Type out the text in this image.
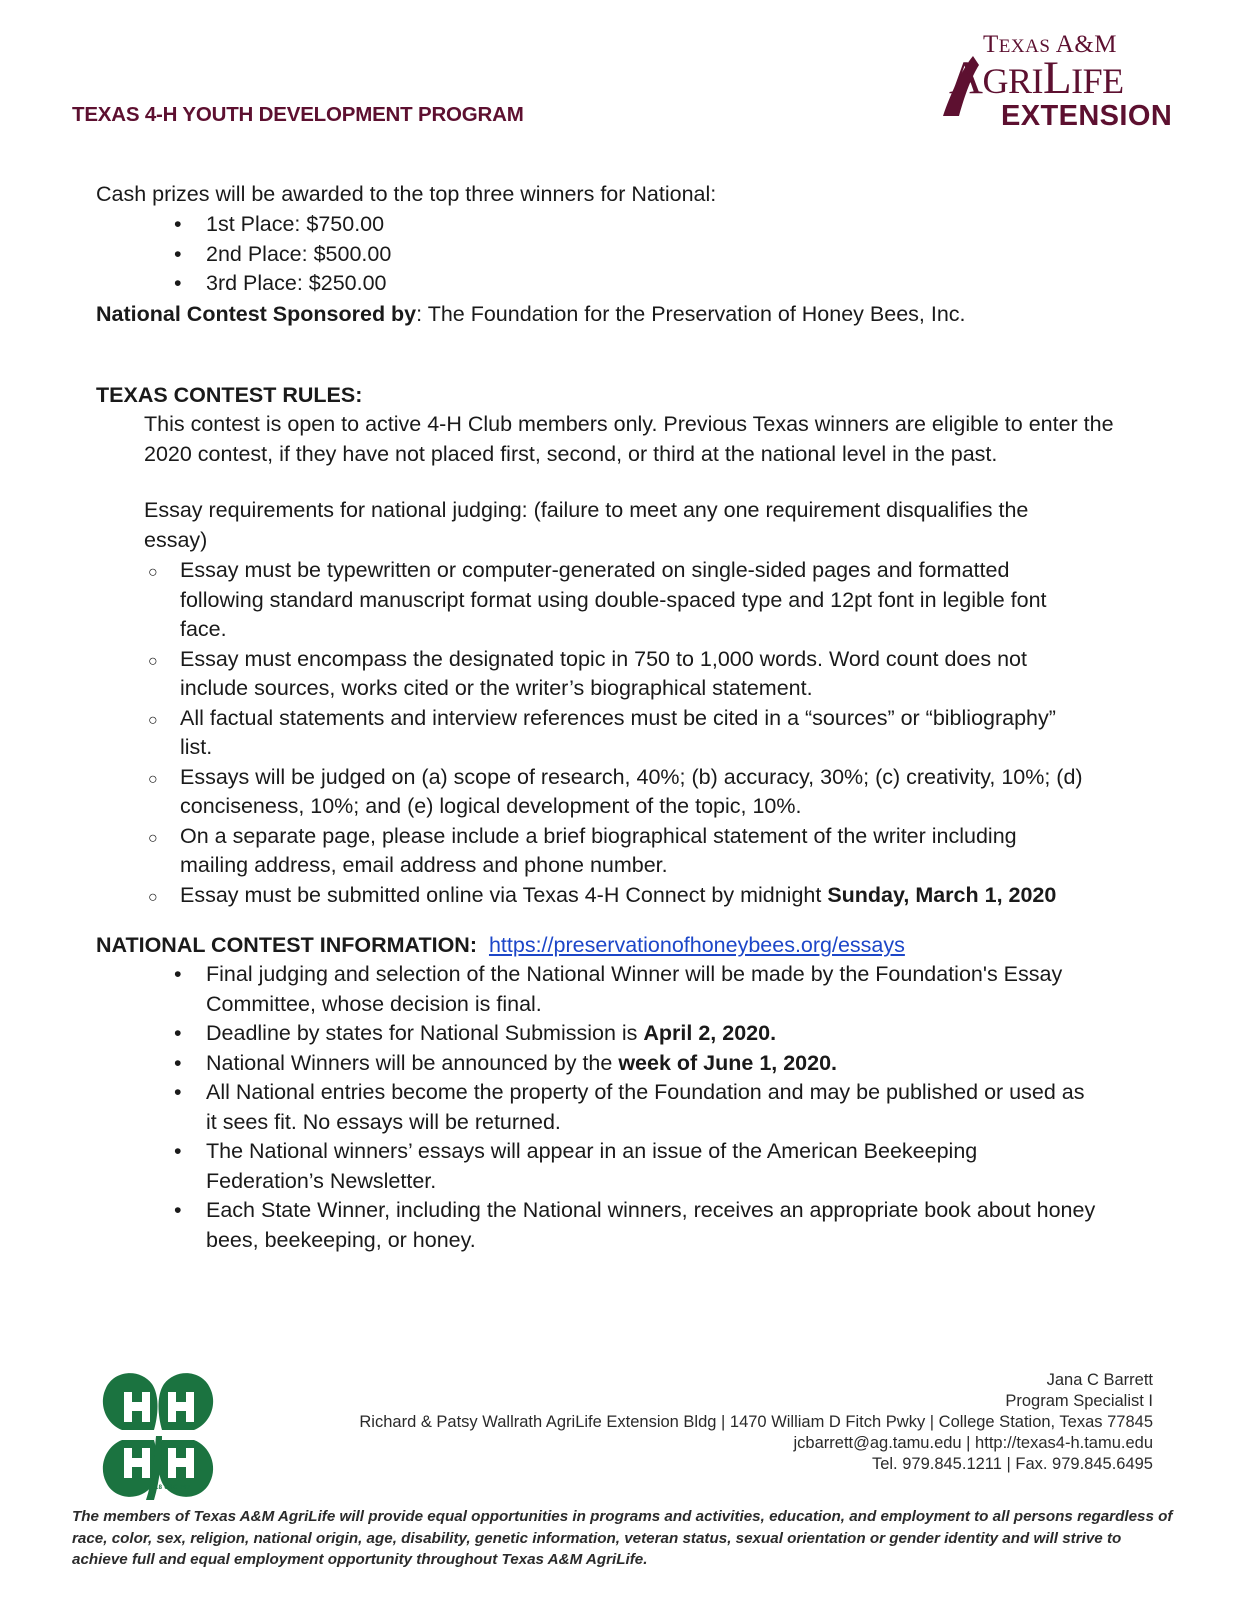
TEXAS 4-H YOUTH DEVELOPMENT PROGRAM
TEXAS A&M
AGRILIFE
EXTENSION
Cash prizes will be awarded to the top three winners for National:
•
1st Place: $750.00
•
2nd Place: $500.00
•
3rd Place: $250.00
National Contest Sponsored by: The Foundation for the Preservation of Honey Bees, Inc.
TEXAS CONTEST RULES:
This contest is open to active 4-H Club members only. Previous Texas winners are eligible to enter the 2020 contest, if they have not placed first, second, or third at the national level in the past.
Essay requirements for national judging: (failure to meet any one requirement disqualifies the essay)
○
Essay must be typewritten or computer-generated on single-sided pages and formatted following standard manuscript format using double-spaced type and 12pt font in legible font face.
○
Essay must encompass the designated topic in 750 to 1,000 words. Word count does not include sources, works cited or the writer’s biographical statement.
○
All factual statements and interview references must be cited in a “sources” or “bibliography” list.
○
Essays will be judged on (a) scope of research, 40%; (b) accuracy, 30%; (c) creativity, 10%; (d) conciseness, 10%; and (e) logical development of the topic, 10%.
○
On a separate page, please include a brief biographical statement of the writer including mailing address, email address and phone number.
○
Essay must be submitted online via Texas 4-H Connect by midnight Sunday, March 1, 2020
NATIONAL CONTEST INFORMATION: https://preservationofhoneybees.org/essays
•
Final judging and selection of the National Winner will be made by the Foundation's Essay Committee, whose decision is final.
•
Deadline by states for National Submission is April 2, 2020.
•
National Winners will be announced by the week of June 1, 2020.
•
All National entries become the property of the Foundation and may be published or used as it sees fit. No essays will be returned.
•
The National winners’ essays will appear in an issue of the American Beekeeping Federation’s Newsletter.
•
Each State Winner, including the National winners, receives an appropriate book about honey bees, beekeeping, or honey.
18 USC 707
Jana C Barrett
Program Specialist I
Richard & Patsy Wallrath AgriLife Extension Bldg | 1470 William D Fitch Pwky | College Station, Texas 77845
jcbarrett@ag.tamu.edu | http://texas4-h.tamu.edu
Tel. 979.845.1211 | Fax. 979.845.6495
The members of Texas A&M AgriLife will provide equal opportunities in programs and activities, education, and employment to all persons regardless of race, color, sex, religion, national origin, age, disability, genetic information, veteran status, sexual orientation or gender identity and will strive to achieve full and equal employment opportunity throughout Texas A&M AgriLife.
